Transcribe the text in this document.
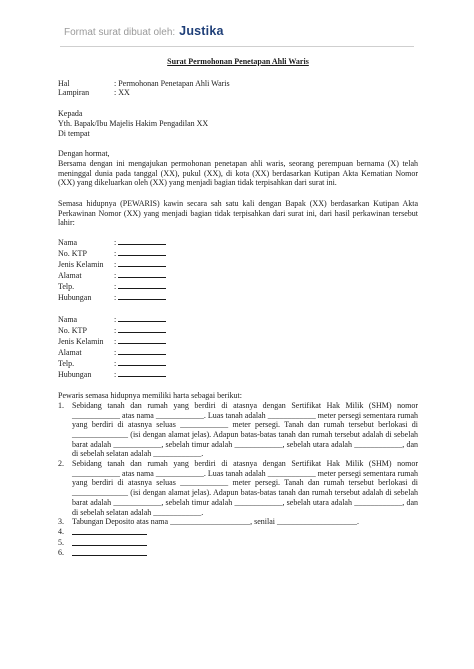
Format surat dibuat oleh: Justika
Surat Permohonan Penetapan Ahli Waris
Hal	: Permohonan Penetapan Ahli Waris
Lampiran	: XX
Kepada
Yth. Bapak/Ibu Majelis Hakim Pengadilan XX
Di tempat
Dengan hormat,
Bersama dengan ini mengajukan permohonan penetapan ahli waris, seorang perempuan bernama (X) telah meninggal dunia pada tanggal (XX), pukul (XX), di kota (XX) berdasarkan Kutipan Akta Kematian Nomor (XX) yang dikeluarkan oleh (XX) yang menjadi bagian tidak terpisahkan dari surat ini.
Semasa hidupnya (PEWARIS) kawin secara sah satu kali dengan Bapak (XX) berdasarkan Kutipan Akta Perkawinan Nomor (XX) yang menjadi bagian tidak terpisahkan dari surat ini, dari hasil perkawinan tersebut lahir:
Nama	:
No. KTP	:
Jenis Kelamin	:
Alamat	:
Telp.	:
Hubungan	:
Nama	:
No. KTP	:
Jenis Kelamin	:
Alamat	:
Telp.	:
Hubungan	:
Pewaris semasa hidupnya memiliki harta sebagai berikut:
1.	Sebidang tanah dan rumah yang berdiri di atasnya dengan Sertifikat Hak Milik (SHM) nomor ____________ atas nama ____________. Luas tanah adalah ____________ meter persegi sementara rumah yang berdiri di atasnya seluas ____________ meter persegi. Tanah dan rumah tersebut berlokasi di ______________ (isi dengan alamat jelas). Adapun batas-batas tanah dan rumah tersebut adalah di sebelah barat adalah ____________, sebelah timur adalah ____________, sebelah utara adalah ____________, dan di sebelah selatan adalah ____________.
2.	Sebidang tanah dan rumah yang berdiri di atasnya dengan Sertifikat Hak Milik (SHM) nomor ____________ atas nama ____________. Luas tanah adalah ____________ meter persegi sementara rumah yang berdiri di atasnya seluas ____________ meter persegi. Tanah dan rumah tersebut berlokasi di ______________ (isi dengan alamat jelas). Adapun batas-batas tanah dan rumah tersebut adalah di sebelah barat adalah ____________, sebelah timur adalah ____________, sebelah utara adalah ____________, dan di sebelah selatan adalah ____________.
3.	Tabungan Deposito atas nama ____________________, senilai ____________________.
4.
5.
6.
